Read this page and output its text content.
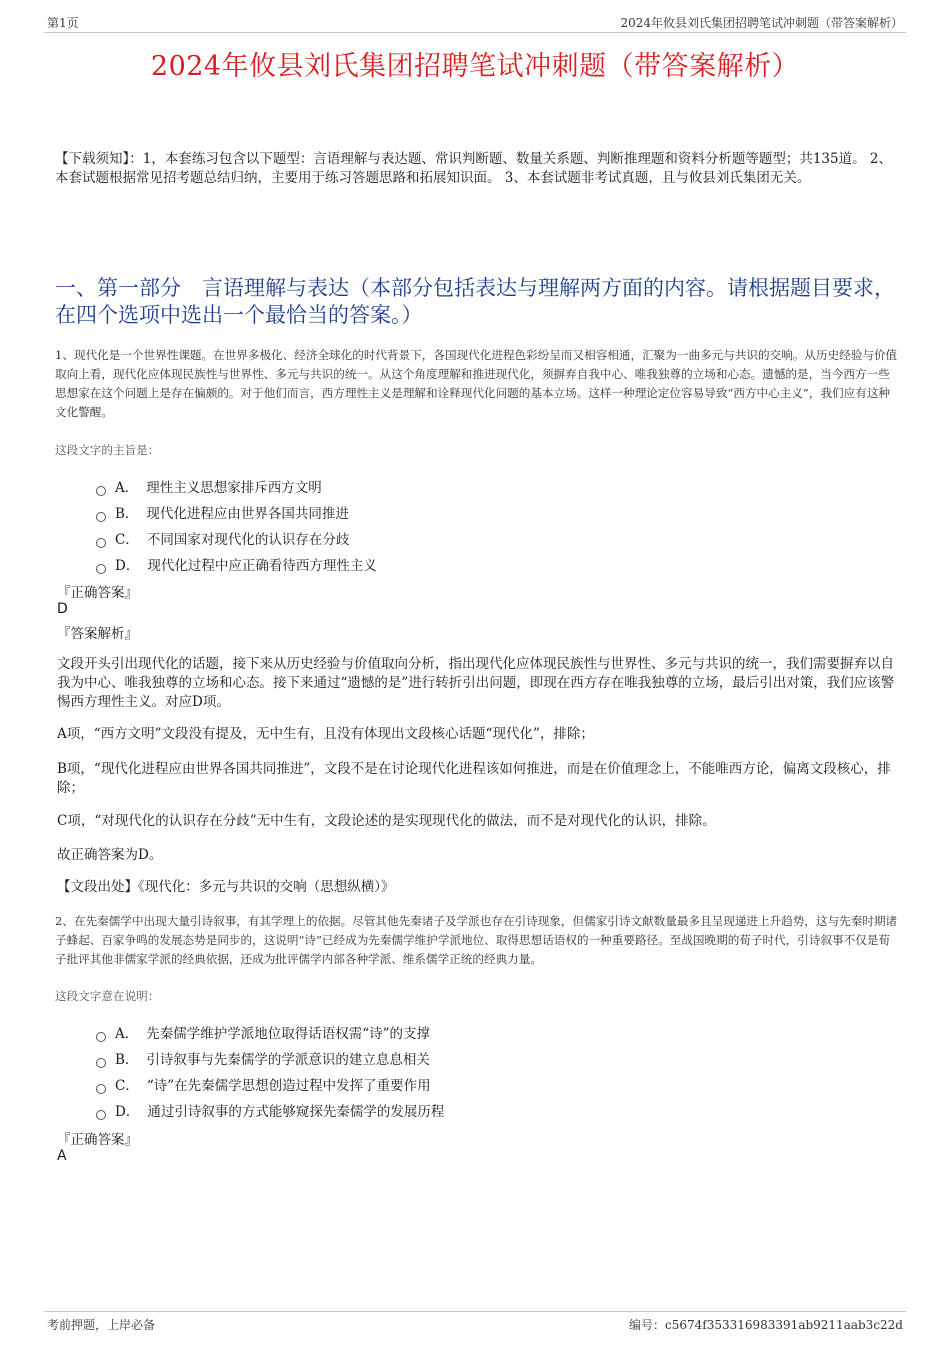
第1页	2024年攸县刘氏集团招聘笔试冲刺题（带答案解析）
2024年攸县刘氏集团招聘笔试冲刺题（带答案解析）
【下载须知】：1，本套练习包含以下题型：言语理解与表达题、常识判断题、数量关系题、判断推理题和资料分析题等题型；共135道。 2、本套试题根据常见招考题总结归纳，主要用于练习答题思路和拓展知识面。 3、本套试题非考试真题，且与攸县刘氏集团无关。
一、第一部分　言语理解与表达（本部分包括表达与理解两方面的内容。请根据题目要求，在四个选项中选出一个最恰当的答案。）
1、现代化是一个世界性课题。在世界多极化、经济全球化的时代背景下，各国现代化进程色彩纷呈而又相容相通，汇聚为一曲多元与共识的交响。从历史经验与价值取向上看，现代化应体现民族性与世界性、多元与共识的统一。从这个角度理解和推进现代化，须摒弃自我中心、唯我独尊的立场和心态。遗憾的是，当今西方一些思想家在这个问题上是存在偏颇的。对于他们而言，西方理性主义是理解和诠释现代化问题的基本立场。这样一种理论定位容易导致“西方中心主义”，我们应有这种文化警醒。
这段文字的主旨是：
A． 理性主义思想家排斥西方文明
B． 现代化进程应由世界各国共同推进
C． 不同国家对现代化的认识存在分歧
D． 现代化过程中应正确看待西方理性主义
『正确答案』
D
『答案解析』
文段开头引出现代化的话题，接下来从历史经验与价值取向分析，指出现代化应体现民族性与世界性、多元与共识的统一，我们需要摒弃以自我为中心、唯我独尊的立场和心态。接下来通过“遗憾的是”进行转折引出问题，即现在西方存在唯我独尊的立场，最后引出对策，我们应该警惕西方理性主义。对应D项。
A项，“西方文明”文段没有提及，无中生有，且没有体现出文段核心话题“现代化”，排除；
B项，“现代化进程应由世界各国共同推进”，文段不是在讨论现代化进程该如何推进，而是在价值理念上，不能唯西方论，偏离文段核心，排除；
C项，“对现代化的认识存在分歧”无中生有，文段论述的是实现现代化的做法，而不是对现代化的认识，排除。
故正确答案为D。
【文段出处】《现代化：多元与共识的交响（思想纵横）》
2、在先秦儒学中出现大量引诗叙事，有其学理上的依据。尽管其他先秦诸子及学派也存在引诗现象，但儒家引诗文献数量最多且呈现递进上升趋势，这与先秦时期诸子蜂起、百家争鸣的发展态势是同步的，这说明“诗”已经成为先秦儒学维护学派地位、取得思想话语权的一种重要路径。至战国晚期的荀子时代，引诗叙事不仅是荀子批评其他非儒家学派的经典依据，还成为批评儒学内部各种学派、维系儒学正统的经典力量。
这段文字意在说明：
A． 先秦儒学维护学派地位取得话语权需“诗”的支撑
B． 引诗叙事与先秦儒学的学派意识的建立息息相关
C． “诗”在先秦儒学思想创造过程中发挥了重要作用
D． 通过引诗叙事的方式能够窥探先秦儒学的发展历程
『正确答案』
A
考前押题，上岸必备	编号：c5674f353316983391ab9211aab3c22d
